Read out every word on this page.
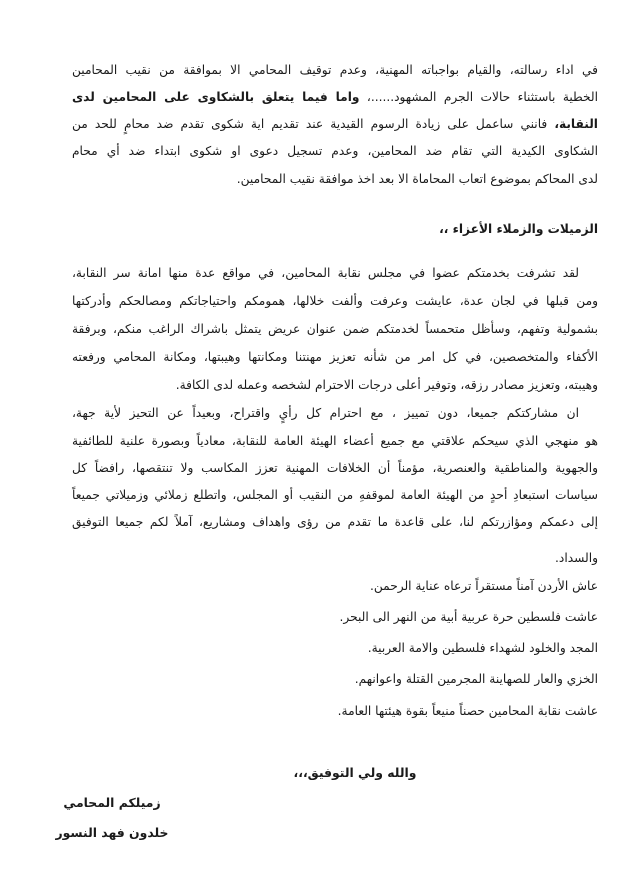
في اداء رسالته، والقيام بواجباته المهنية، وعدم توقيف المحامي الا بموافقة من نقيب المحامين
الخطية باستثناء حالات الجرم المشهود......، واما فيما يتعلق بالشكاوى على المحامين لدى
النقابة، فانني ساعمل على زيادة الرسوم القيدية عند تقديم اية شكوى تقدم ضد محامٍ للحد من
الشكاوى الكيدية التي تقام ضد المحامين، وعدم تسجيل دعوى او شكوى ابتداء ضد أي محام
لدى المحاكم بموضوع اتعاب المحاماة الا بعد اخذ موافقة نقيب المحامين.
الزميلات والزملاء الأعزاء ،،
لقد تشرفت بخدمتكم عضوا في مجلس نقابة المحامين، في مواقع عدة منها امانة سر النقابة،
ومن قبلها في لجان عدة، عايشت وعرفت وألفت خلالها، همومكم واحتياجاتكم ومصالحكم وأدركتها
بشمولية وتفهم، وسأظل متحمساً لخدمتكم ضمن عنوان عريض يتمثل باشراك الراغب منكم، وبرفقة
الأكفاء والمتخصصين، في كل امر من شأنه تعزيز مهنتنا ومكانتها وهيبتها، ومكانة المحامي ورفعته
وهيبته، وتعزيز مصادر رزقه، وتوفير أعلى درجات الاحترام لشخصه وعمله لدى الكافة.
ان مشاركتكم جميعا، دون تمييز ، مع احترام كل رأيٍ واقتراح، وبعيداً عن التحيز لأية جهة،
هو منهجي الذي سيحكم علاقتي مع جميع أعضاء الهيئة العامة للنقابة، معادياً وبصورة علنية للطائفية
والجهوية والمناطقية والعنصرية، مؤمناً أن الخلافات المهنية تعزز المكاسب ولا تنتقصها، رافضاً كل
سياسات استبعادِ أحدٍ من الهيئة العامة لموقفهِ من النقيب أو المجلس، واتطلع زملائي وزميلاتي جميعاً
إلى دعمكم ومؤازرتكم لنا، على قاعدة ما تقدم من رؤى واهداف ومشاريع، آملاً لكم جميعا التوفيق
والسداد.
عاش الأردن آمناً مستقراً ترعاه عناية الرحمن.
عاشت فلسطين حرة عربية أبية من النهر الى البحر.
المجد والخلود لشهداء فلسطين والامة العربية.
الخزي والعار للصهاينة المجرمين القتلة واعوانهم.
عاشت نقابة المحامين حصناً منيعاً بقوة هيئتها العامة.
والله ولي التوفيق،،،
زميلكم المحامي
خلدون فهد النسور
